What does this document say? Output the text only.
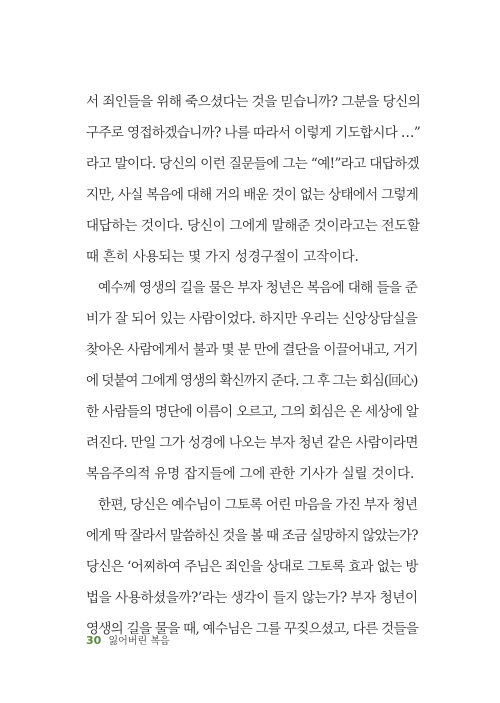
서 죄인들을 위해 죽으셨다는 것을 믿습니까? 그분을 당신의
구주로 영접하겠습니까? 나를 따라서 이렇게 기도합시다 …”
라고 말이다. 당신의 이런 질문들에 그는 “예!”라고 대답하겠
지만, 사실 복음에 대해 거의 배운 것이 없는 상태에서 그렇게
대답하는 것이다. 당신이 그에게 말해준 것이라고는 전도할
때 흔히 사용되는 몇 가지 성경구절이 고작이다.
예수께 영생의 길을 물은 부자 청년은 복음에 대해 들을 준
비가 잘 되어 있는 사람이었다. 하지만 우리는 신앙상담실을
찾아온 사람에게서 불과 몇 분 만에 결단을 이끌어내고, 거기
에 덧붙여 그에게 영생의 확신까지 준다. 그 후 그는 회심(回心)
한 사람들의 명단에 이름이 오르고, 그의 회심은 온 세상에 알
려진다. 만일 그가 성경에 나오는 부자 청년 같은 사람이라면
복음주의적 유명 잡지들에 그에 관한 기사가 실릴 것이다.
한편, 당신은 예수님이 그토록 어린 마음을 가진 부자 청년
에게 딱 잘라서 말씀하신 것을 볼 때 조금 실망하지 않았는가?
당신은 ‘어찌하여 주님은 죄인을 상대로 그토록 효과 없는 방
법을 사용하셨을까?’라는 생각이 들지 않는가? 부자 청년이
영생의 길을 물을 때, 예수님은 그를 꾸짖으셨고, 다른 것들을
30 잃어버린 복음
